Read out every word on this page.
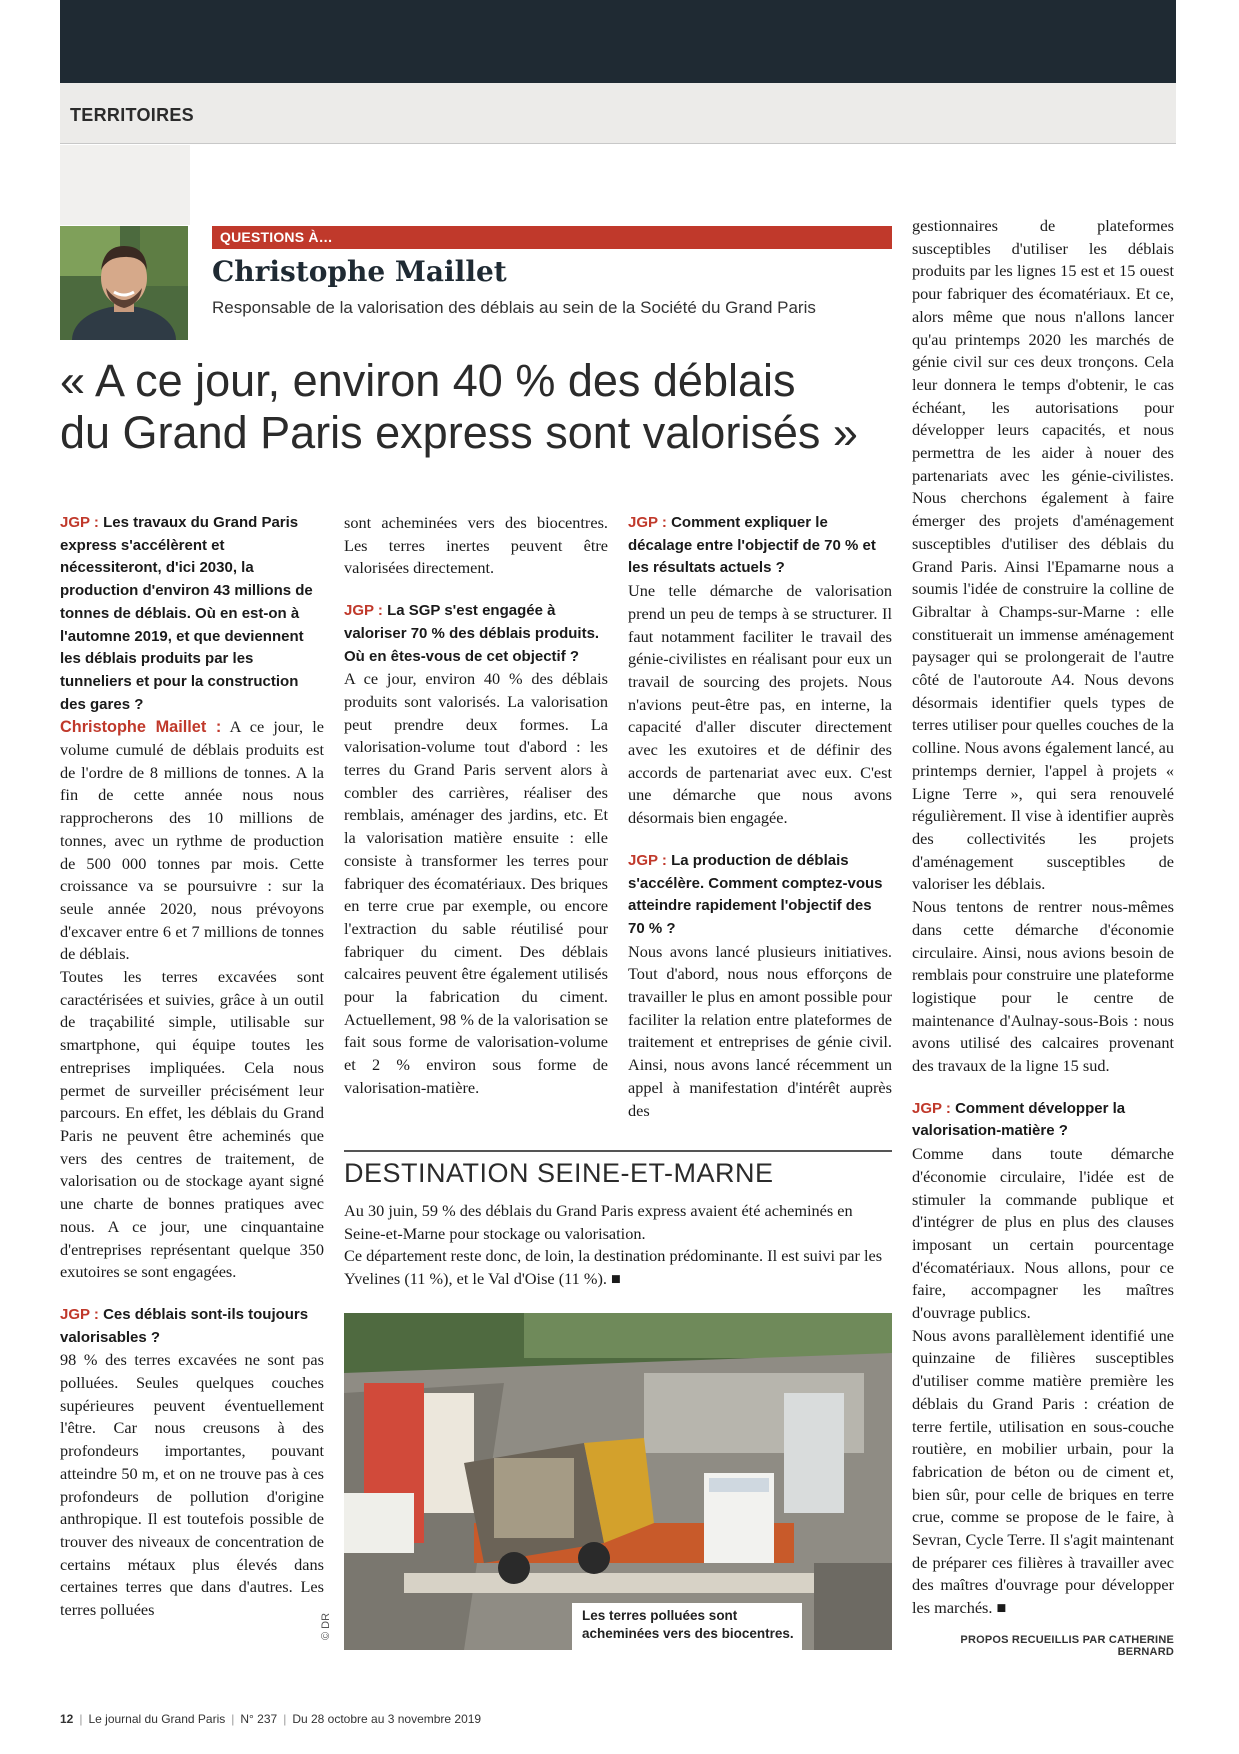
TERRITOIRES
QUESTIONS À…
Christophe Maillet
Responsable de la valorisation des déblais au sein de la Société du Grand Paris
« A ce jour, environ 40 % des déblais
du Grand Paris express sont valorisés »

JGP : Les travaux du Grand Paris express s'accélèrent et nécessiteront, d'ici 2030, la production d'environ 43 millions de tonnes de déblais. Où en est-on à l'automne 2019, et que deviennent les déblais produits par les tunneliers et pour la construction des gares ?

Christophe Maillet : A ce jour, le volume cumulé de déblais produits est de l'ordre de 8 millions de tonnes. A la fin de cette année nous nous rapprocherons des 10 millions de tonnes, avec un rythme de production de 500 000 tonnes par mois. Cette croissance va se poursuivre : sur la seule année 2020, nous prévoyons d'excaver entre 6 et 7 millions de tonnes de déblais.

Toutes les terres excavées sont caractérisées et suivies, grâce à un outil de traçabilité simple, utilisable sur smartphone, qui équipe toutes les entreprises impliquées. Cela nous permet de surveiller précisément leur parcours. En effet, les déblais du Grand Paris ne peuvent être acheminés que vers des centres de traitement, de valorisation ou de stockage ayant signé une charte de bonnes pratiques avec nous. A ce jour, une cinquantaine d'entreprises représentant quelque 350 exutoires se sont engagées.

JGP : Ces déblais sont-ils toujours valorisables ?

98 % des terres excavées ne sont pas polluées. Seules quelques couches supérieures peuvent éventuellement l'être. Car nous creusons à des profondeurs importantes, pouvant atteindre 50 m, et on ne trouve pas à ces profondeurs de pollution d'origine anthropique. Il est toutefois possible de trouver des niveaux de concentration de certains métaux plus élevés dans certaines terres que dans d'autres. Les terres polluées

sont acheminées vers des biocentres. Les terres inertes peuvent être valorisées directement.

JGP : La SGP s'est engagée à valoriser 70 % des déblais produits. Où en êtes-vous de cet objectif ?

A ce jour, environ 40 % des déblais produits sont valorisés. La valorisation peut prendre deux formes. La valorisation-volume tout d'abord : les terres du Grand Paris servent alors à combler des carrières, réaliser des remblais, aménager des jardins, etc. Et la valorisation matière ensuite : elle consiste à transformer les terres pour fabriquer des écomatériaux. Des briques en terre crue par exemple, ou encore l'extraction du sable réutilisé pour fabriquer du ciment. Des déblais calcaires peuvent être également utilisés pour la fabrication du ciment. Actuellement, 98 % de la valorisation se fait sous forme de valorisation-volume et 2 % environ sous forme de valorisation-matière.

JGP : Comment expliquer le décalage entre l'objectif de 70 % et les résultats actuels ?

Une telle démarche de valorisation prend un peu de temps à se structurer. Il faut notamment faciliter le travail des génie-civilistes en réalisant pour eux un travail de sourcing des projets. Nous n'avions peut-être pas, en interne, la capacité d'aller discuter directement avec les exutoires et de définir des accords de partenariat avec eux. C'est une démarche que nous avons désormais bien engagée.

JGP : La production de déblais s'accélère. Comment comptez-vous atteindre rapidement l'objectif des 70 % ?

Nous avons lancé plusieurs initiatives. Tout d'abord, nous nous efforçons de travailler le plus en amont possible pour faciliter la relation entre plateformes de traitement et entreprises de génie civil. Ainsi, nous avons lancé récemment un appel à manifestation d'intérêt auprès des

gestionnaires de plateformes susceptibles d'utiliser les déblais produits par les lignes 15 est et 15 ouest pour fabriquer des écomatériaux. Et ce, alors même que nous n'allons lancer qu'au printemps 2020 les marchés de génie civil sur ces deux tronçons. Cela leur donnera le temps d'obtenir, le cas échéant, les autorisations pour développer leurs capacités, et nous permettra de les aider à nouer des partenariats avec les génie-civilistes. Nous cherchons également à faire émerger des projets d'aménagement susceptibles d'utiliser des déblais du Grand Paris. Ainsi l'Epamarne nous a soumis l'idée de construire la colline de Gibraltar à Champs-sur-Marne : elle constituerait un immense aménagement paysager qui se prolongerait de l'autre côté de l'autoroute A4. Nous devons désormais identifier quels types de terres utiliser pour quelles couches de la colline. Nous avons également lancé, au printemps dernier, l'appel à projets « Ligne Terre », qui sera renouvelé régulièrement. Il vise à identifier auprès des collectivités les projets d'aménagement susceptibles de valoriser les déblais.

Nous tentons de rentrer nous-mêmes dans cette démarche d'économie circulaire. Ainsi, nous avions besoin de remblais pour construire une plateforme logistique pour le centre de maintenance d'Aulnay-sous-Bois : nous avons utilisé des calcaires provenant des travaux de la ligne 15 sud.

JGP : Comment développer la valorisation-matière ?

Comme dans toute démarche d'économie circulaire, l'idée est de stimuler la commande publique et d'intégrer de plus en plus des clauses imposant un certain pourcentage d'écomatériaux. Nous allons, pour ce faire, accompagner les maîtres d'ouvrage publics.

Nous avons parallèlement identifié une quinzaine de filières susceptibles d'utiliser comme matière première les déblais du Grand Paris : création de terre fertile, utilisation en sous-couche routière, en mobilier urbain, pour la fabrication de béton ou de ciment et, bien sûr, pour celle de briques en terre crue, comme se propose de le faire, à Sevran, Cycle Terre. Il s'agit maintenant de préparer ces filières à travailler avec des maîtres d'ouvrage pour développer les marchés. ■

DESTINATION SEINE-ET-MARNE

Au 30 juin, 59 % des déblais du Grand Paris express avaient été acheminés en Seine-et-Marne pour stockage ou valorisation.

Ce département reste donc, de loin, la destination prédominante. Il est suivi par les Yvelines (11 %), et le Val d'Oise (11 %). ■

Les terres polluées sont acheminées vers des biocentres.
© DR	PROPOS RECUEILLIS PAR CATHERINE BERNARD
12 | Le journal du Grand Paris | N° 237 | Du 28 octobre au 3 novembre 2019
